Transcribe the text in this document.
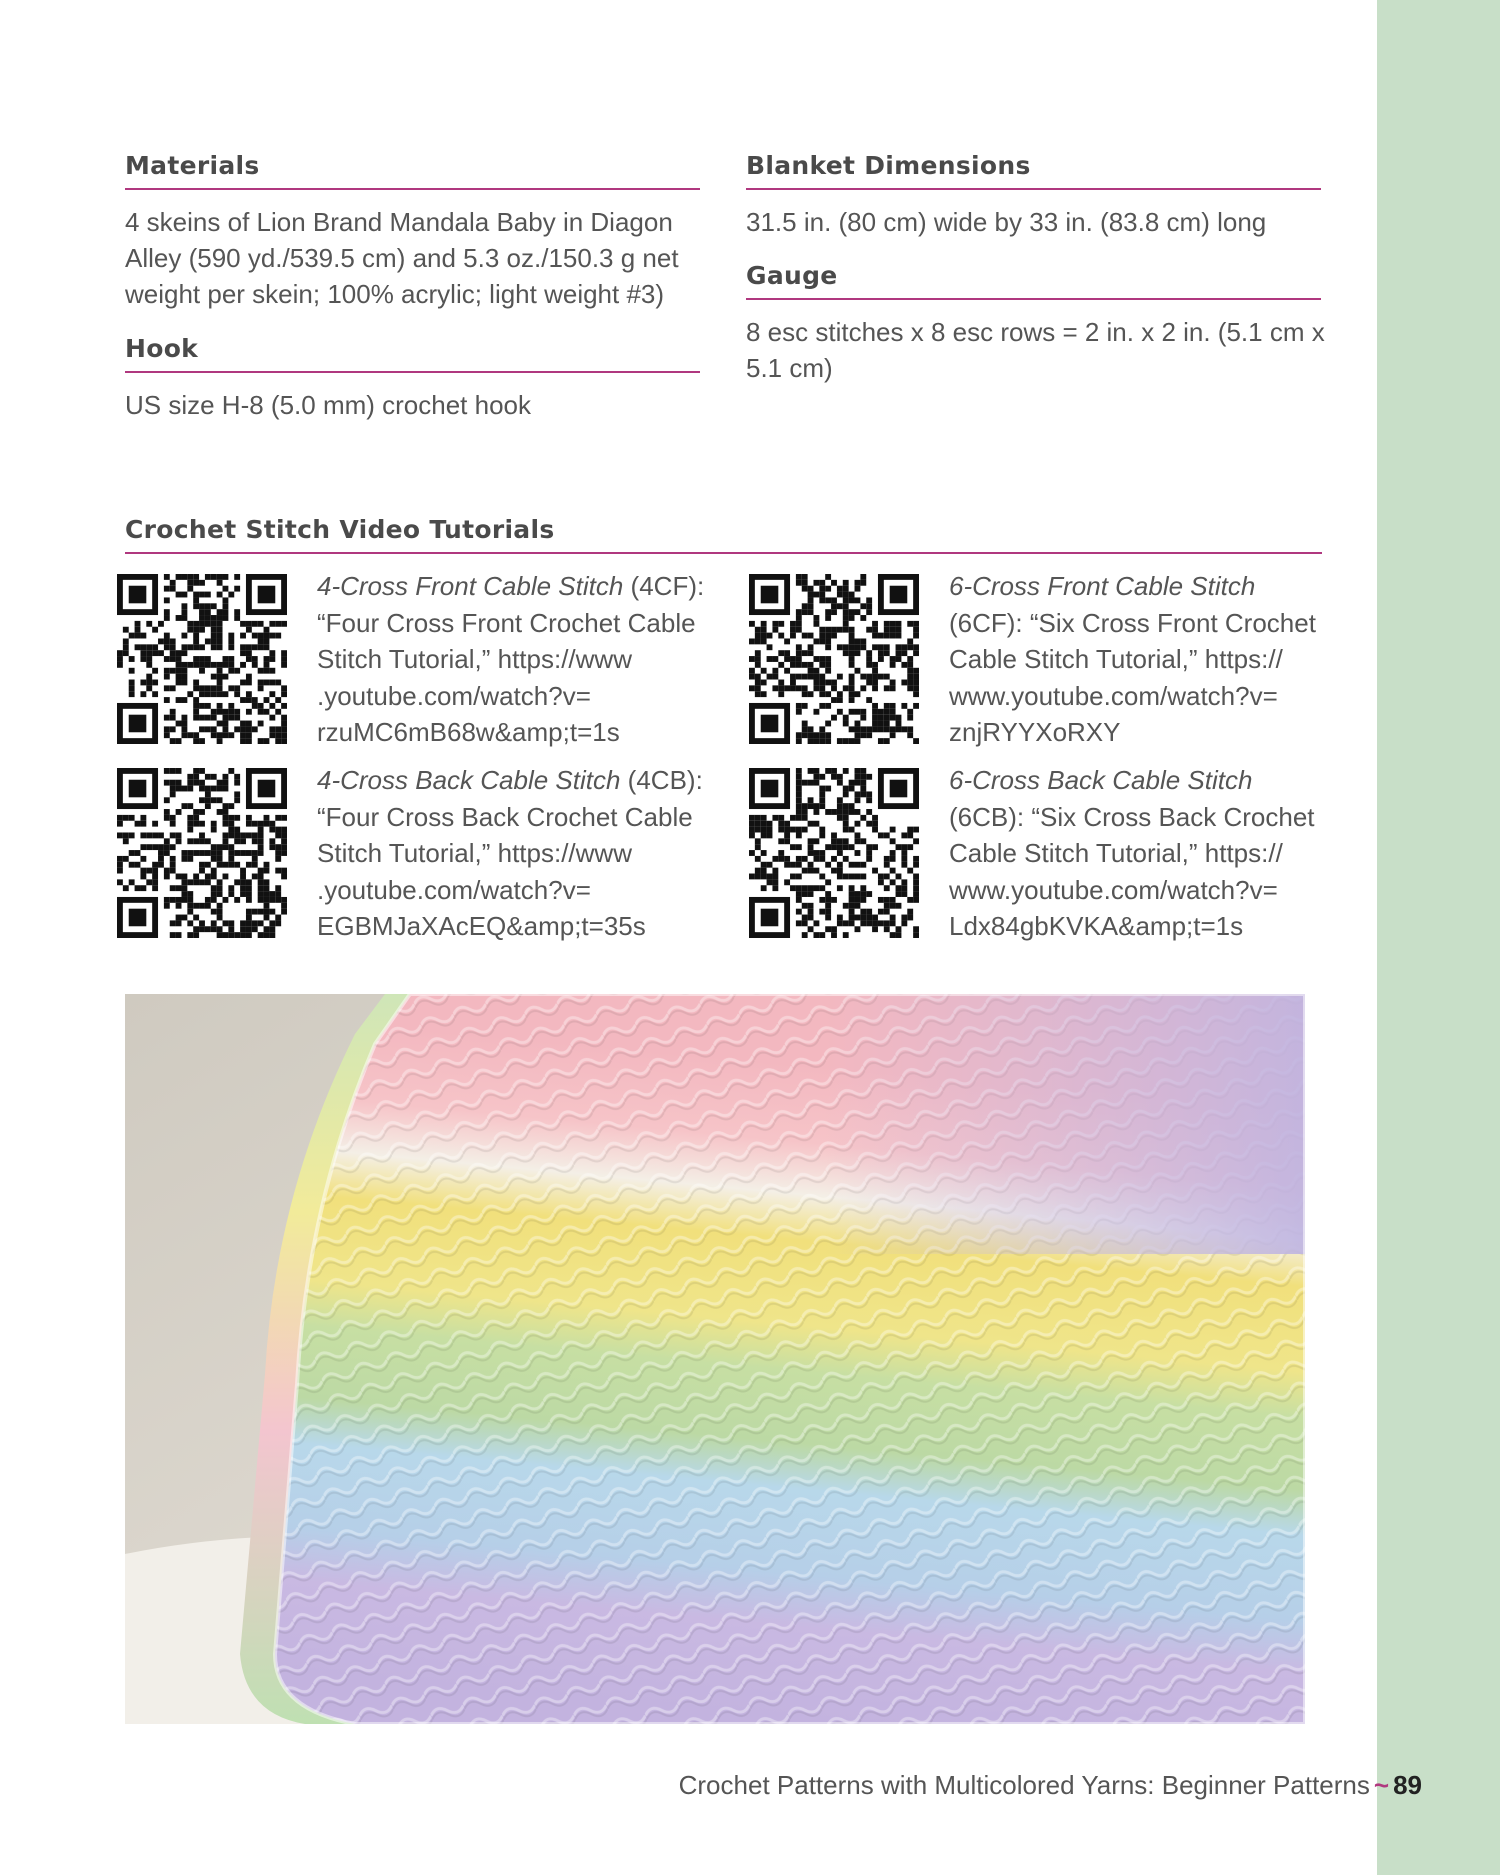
Materials
4 skeins of Lion Brand Mandala Baby in Diagon
Alley (590 yd./539.5 cm) and 5.3 oz./150.3 g net
weight per skein; 100% acrylic; light weight #3)
Hook
US size H-8 (5.0 mm) crochet hook
Blanket Dimensions
31.5 in. (80 cm) wide by 33 in. (83.8 cm) long
Gauge
8 esc stitches x 8 esc rows = 2 in. x 2 in. (5.1 cm x
5.1 cm)
Crochet Stitch Video Tutorials
4-Cross Front Cable Stitch (4CF):
“Four Cross Front Crochet Cable
Stitch Tutorial,” https://www
.youtube.com/watch?v=
rzuMC6mB68w&amp;t=1s
6-Cross Front Cable Stitch
(6CF): “Six Cross Front Crochet
Cable Stitch Tutorial,” https://
www.youtube.com/watch?v=
znjRYYXoRXY
4-Cross Back Cable Stitch (4CB):
“Four Cross Back Crochet Cable
Stitch Tutorial,” https://www
.youtube.com/watch?v=
EGBMJaXAcEQ&amp;t=35s
6-Cross Back Cable Stitch
(6CB): “Six Cross Back Crochet
Cable Stitch Tutorial,” https://
www.youtube.com/watch?v=
Ldx84gbKVKA&amp;t=1s
Crochet Patterns with Multicolored Yarns: Beginner Patterns ~ 89
